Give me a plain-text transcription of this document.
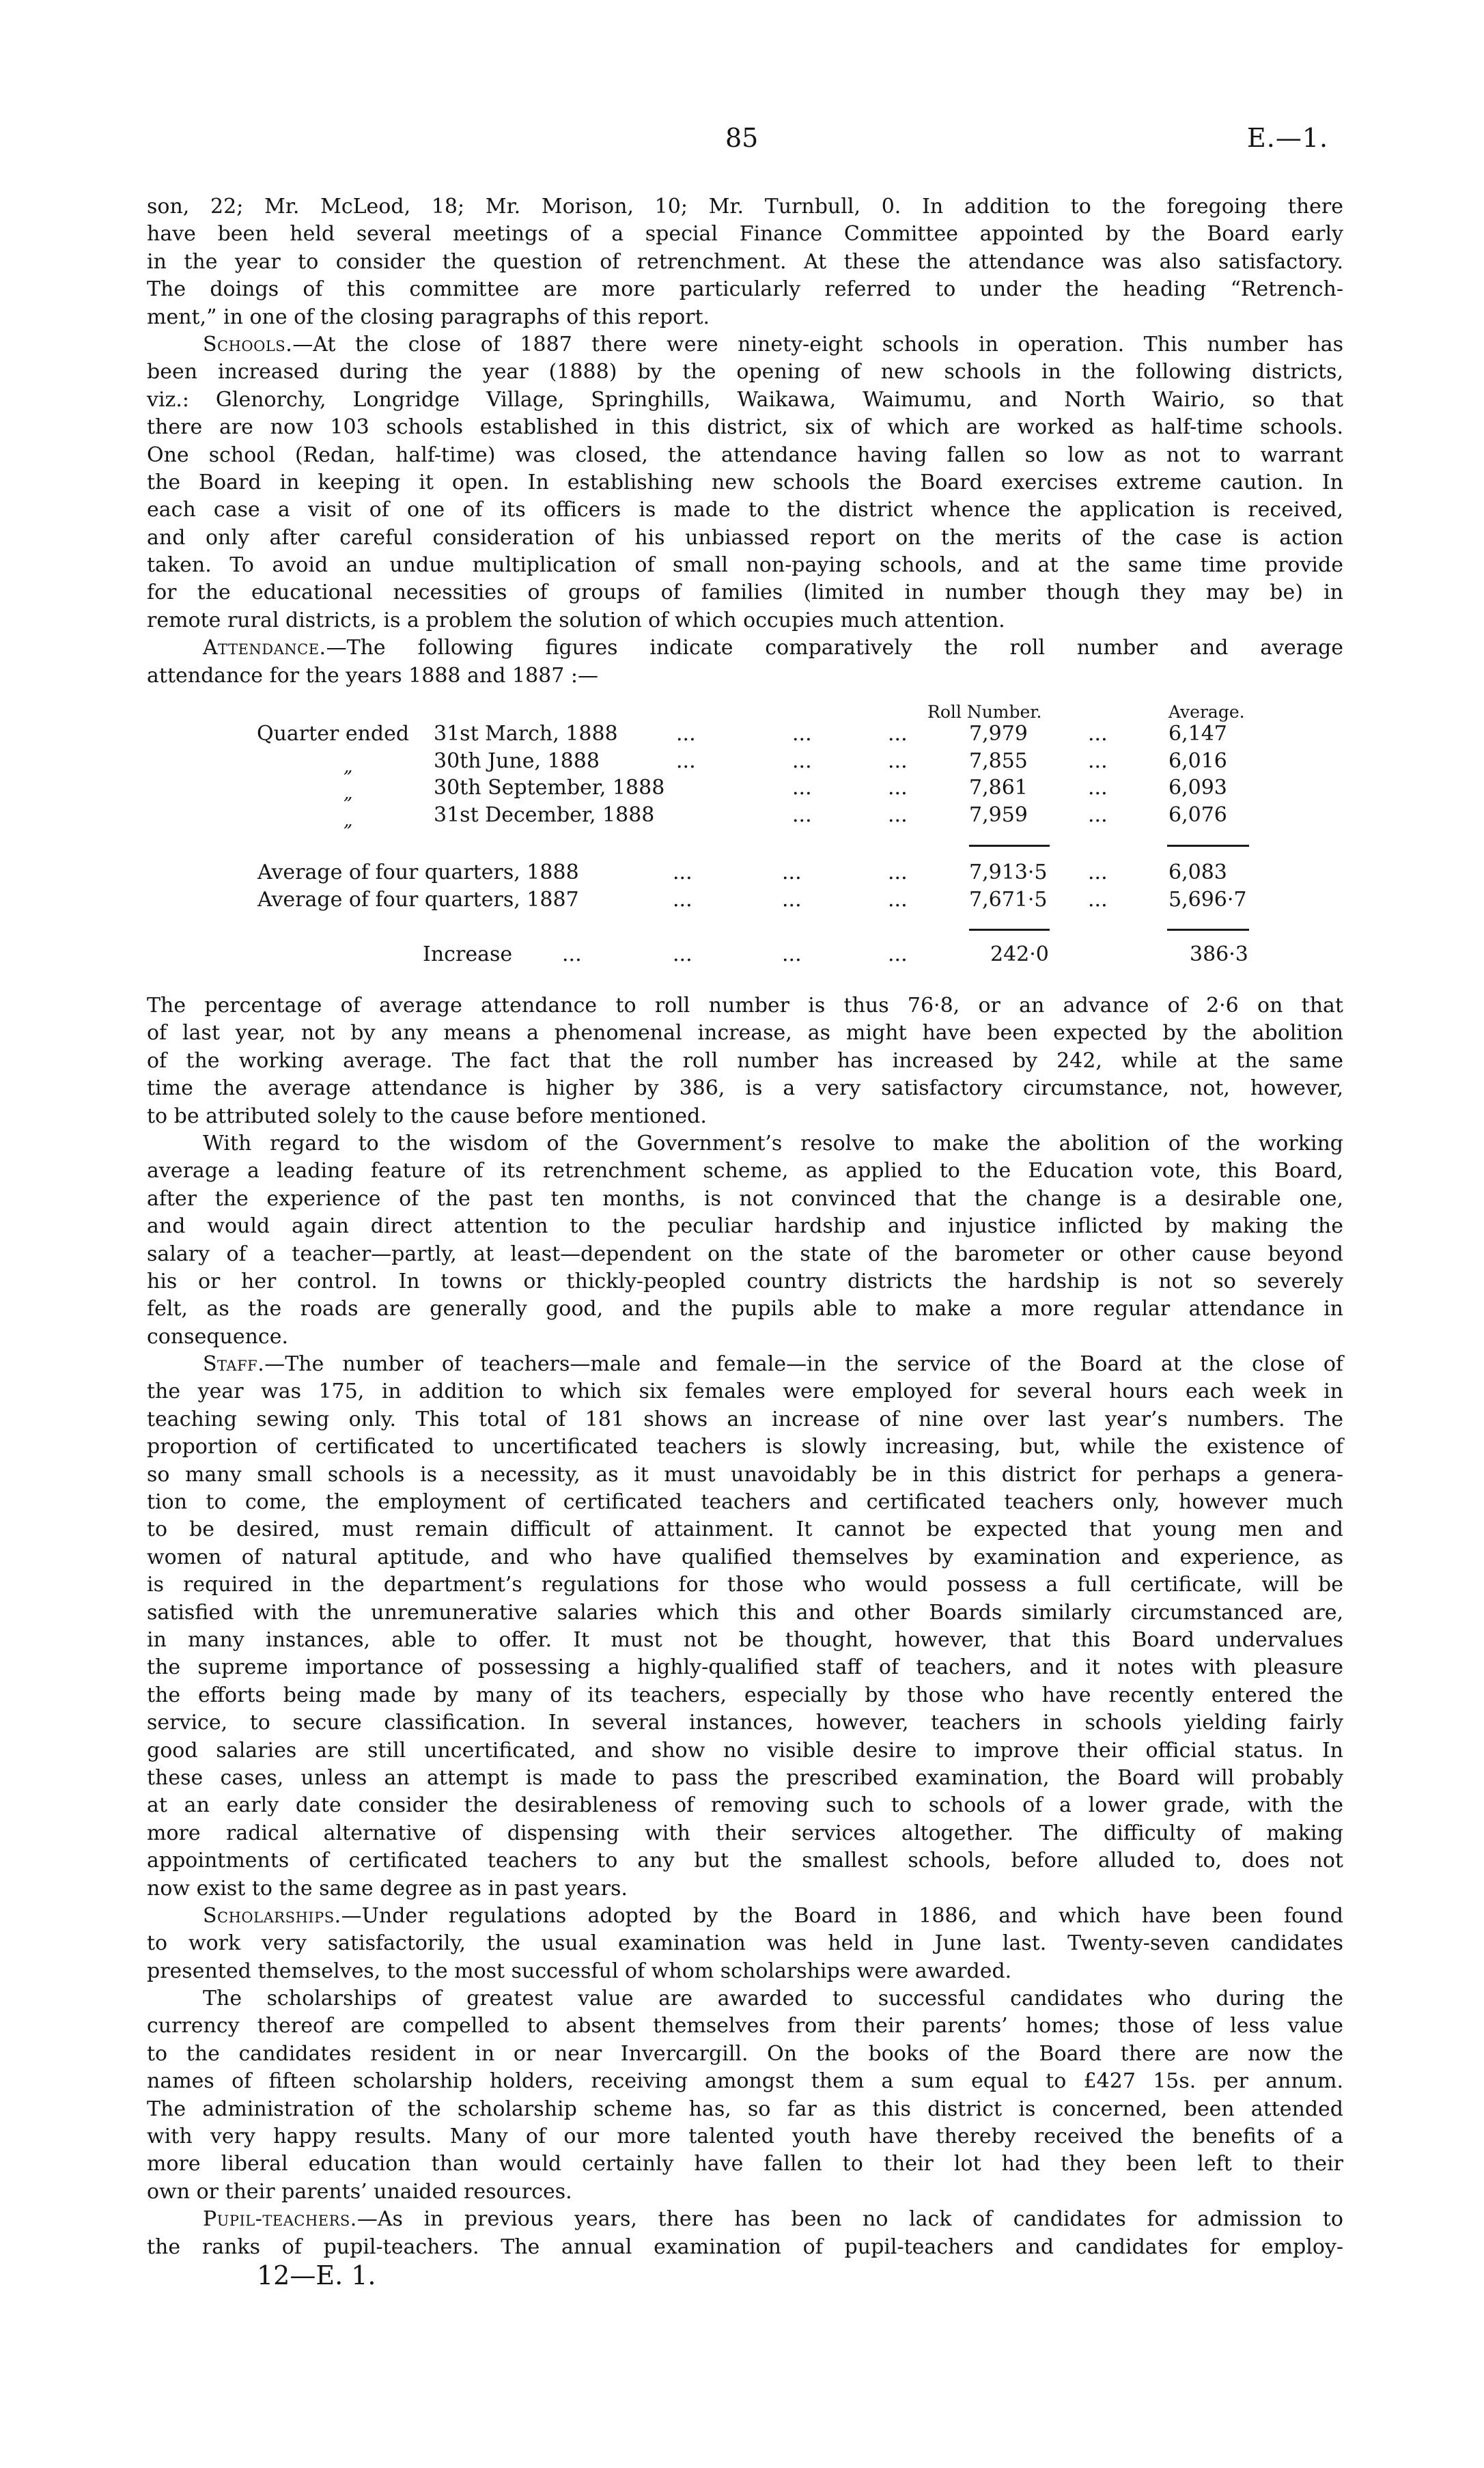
85	E.—1.
son, 22; Mr. McLeod, 18; Mr. Morison, 10; Mr. Turnbull, 0. In addition to the foregoing there
have been held several meetings of a special Finance Committee appointed by the Board early
in the year to consider the question of retrenchment. At these the attendance was also satisfactory.
The doings of this committee are more particularly referred to under the heading “Retrench-
ment,” in one of the closing paragraphs of this report.
Schools.—At the close of 1887 there were ninety-eight schools in operation. This number has
been increased during the year (1888) by the opening of new schools in the following districts,
viz.: Glenorchy, Longridge Village, Springhills, Waikawa, Waimumu, and North Wairio, so that
there are now 103 schools established in this district, six of which are worked as half-time schools.
One school (Redan, half-time) was closed, the attendance having fallen so low as not to warrant
the Board in keeping it open. In establishing new schools the Board exercises extreme caution. In
each case a visit of one of its officers is made to the district whence the application is received,
and only after careful consideration of his unbiassed report on the merits of the case is action
taken. To avoid an undue multiplication of small non-paying schools, and at the same time provide
for the educational necessities of groups of families (limited in number though they may be) in
remote rural districts, is a problem the solution of which occupies much attention.
Attendance.—The following figures indicate comparatively the roll number and average
attendance for the years 1888 and 1887 :—
Roll Number.	Average.
Quarter ended 31st March, 1888	...	...	...	7,979	...	6,147
„	30th June, 1888	...	...	...	7,855	...	6,016
„	30th September, 1888	...	...	7,861	...	6,093
„	31st December, 1888	...	...	7,959	...	6,076
Average of four quarters, 1888	...	...	...	7,913·5 ...	6,083
Average of four quarters, 1887	...	...	...	7,671·5 ...	5,696·7
Increase ...	...	...	...	242·0	386·3
The percentage of average attendance to roll number is thus 76·8, or an advance of 2·6 on that
of last year, not by any means a phenomenal increase, as might have been expected by the abolition
of the working average. The fact that the roll number has increased by 242, while at the same
time the average attendance is higher by 386, is a very satisfactory circumstance, not, however,
to be attributed solely to the cause before mentioned.
With regard to the wisdom of the Government’s resolve to make the abolition of the working
average a leading feature of its retrenchment scheme, as applied to the Education vote, this Board,
after the experience of the past ten months, is not convinced that the change is a desirable one,
and would again direct attention to the peculiar hardship and injustice inflicted by making the
salary of a teacher—partly, at least—dependent on the state of the barometer or other cause beyond
his or her control. In towns or thickly-peopled country districts the hardship is not so severely
felt, as the roads are generally good, and the pupils able to make a more regular attendance in
consequence.
Staff.—The number of teachers—male and female—in the service of the Board at the close of
the year was 175, in addition to which six females were employed for several hours each week in
teaching sewing only. This total of 181 shows an increase of nine over last year’s numbers. The
proportion of certificated to uncertificated teachers is slowly increasing, but, while the existence of
so many small schools is a necessity, as it must unavoidably be in this district for perhaps a genera-
tion to come, the employment of certificated teachers and certificated teachers only, however much
to be desired, must remain difficult of attainment. It cannot be expected that young men and
women of natural aptitude, and who have qualified themselves by examination and experience, as
is required in the department’s regulations for those who would possess a full certificate, will be
satisfied with the unremunerative salaries which this and other Boards similarly circumstanced are,
in many instances, able to offer. It must not be thought, however, that this Board undervalues
the supreme importance of possessing a highly-qualified staff of teachers, and it notes with pleasure
the efforts being made by many of its teachers, especially by those who have recently entered the
service, to secure classification. In several instances, however, teachers in schools yielding fairly
good salaries are still uncertificated, and show no visible desire to improve their official status. In
these cases, unless an attempt is made to pass the prescribed examination, the Board will probably
at an early date consider the desirableness of removing such to schools of a lower grade, with the
more radical alternative of dispensing with their services altogether. The difficulty of making
appointments of certificated teachers to any but the smallest schools, before alluded to, does not
now exist to the same degree as in past years.
Scholarships.—Under regulations adopted by the Board in 1886, and which have been found
to work very satisfactorily, the usual examination was held in June last. Twenty-seven candidates
presented themselves, to the most successful of whom scholarships were awarded.
The scholarships of greatest value are awarded to successful candidates who during the
currency thereof are compelled to absent themselves from their parents’ homes; those of less value
to the candidates resident in or near Invercargill. On the books of the Board there are now the
names of fifteen scholarship holders, receiving amongst them a sum equal to £427 15s. per annum.
The administration of the scholarship scheme has, so far as this district is concerned, been attended
with very happy results. Many of our more talented youth have thereby received the benefits of a
more liberal education than would certainly have fallen to their lot had they been left to their
own or their parents’ unaided resources.
Pupil-teachers.—As in previous years, there has been no lack of candidates for admission to
the ranks of pupil-teachers. The annual examination of pupil-teachers and candidates for employ-
12—E. 1.
